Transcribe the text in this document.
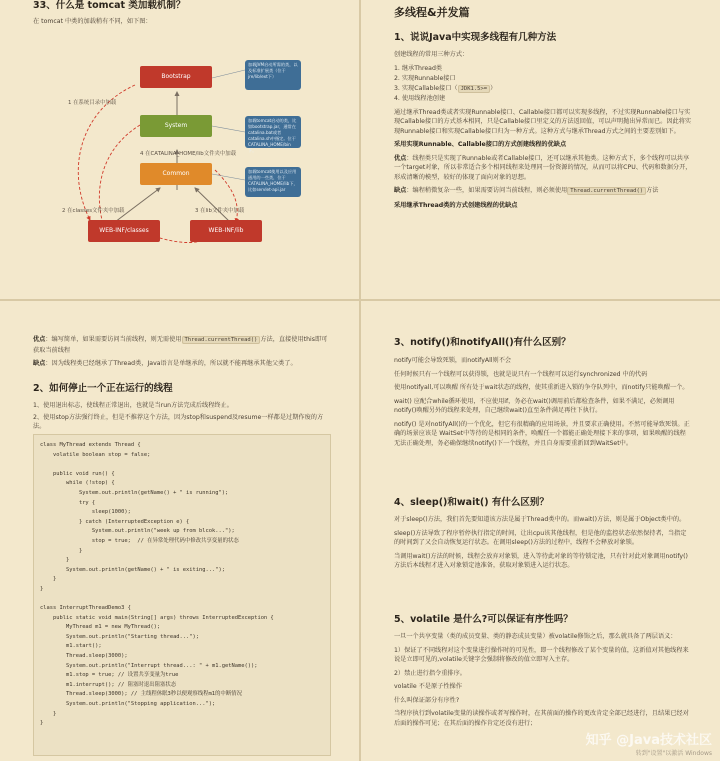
33、什么是 tomcat 类加载机制？
在 tomcat 中类的加载稍有不同，如下图：
Bootstrap
System
Common
WEB-INF/classes	WEB-INF/lib
加载JVM启动所需的类，以及标准扩展类（位于jre/lib/ext下）
加载tomcat启动的类，比如bootstrap.jar，通常在catalina.bat或者catalina.sh中指定。位于CATALINA_HOME/bin下。
加载tomcat使用以及应用通用的一些类，位于CATALINA_HOME/lib下，比如servlet-api.jar
1 在系统目录中加载
4 在CATALINA_HOME/lib文件夹中加载
2 在classes文件夹中加载	3 在lib文件夹中加载
多线程&并发篇
1、说说Java中实现多线程有几种方法

创建线程的常用三种方式：

1. 继承Thread类
2. 实现Runnable接口
3. 实现Callable接口（ JDK1.5>= ）
4. 使用线程池创建

通过继承Thread类或者实现Runnable接口、Callable接口都可以实现多线程，不过实现Runnable接口与实现Callable接口的方式基本相同，只是Callable接口里定义的方法返回值，可以声明抛出异常而已。因此将实现Runnable接口和实现Callable接口归为一种方式。这种方式与继承Thread方式之间的主要差别如下。

采用实现Runnable、Callable接口的方式创建线程的优缺点

优点：线程类只是实现了Runnable或者Callable接口，还可以继承其他类。这种方式下，多个线程可以共享一个target对象，所以非常适合多个相同线程来处理同一份资源的情况，从而可以将CPU、代码和数据分开，形成清晰的模型，较好的体现了面向对象的思想。

缺点：编程稍微复杂一些，如果需要访问当前线程，则必须使用 Thread.currentThread() 方法

采用继承Thread类的方式创建线程的优缺点

优点：编写简单，如果需要访问当前线程，则无需使用 Thread.currentThread() 方法，直接使用this即可获取当前线程

缺点：因为线程类已经继承了Thread类，Java语言是单继承的，所以就不能再继承其他父类了。

2、如何停止一个正在运行的线程

1、使用退出标志，使线程正常退出，也就是当run方法完成后线程终止。

2、使用stop方法强行终止，但是不推荐这个方法，因为stop和suspend及resume一样都是过期作废的方法。

class MyThread extends Thread {
volatile boolean stop = false;

public void run() {
while (!stop) {
System.out.println(getName() + " is running");
try {
sleep(1000);
} catch (InterruptedException e) {
System.out.println("week up from blcok...");
stop = true;  // 在异常处理代码中修改共享变量的状态
}
}
System.out.println(getName() + " is exiting...");
}
}

class InterruptThreadDemo3 {
public static void main(String[] args) throws InterruptedException {
MyThread m1 = new MyThread();
System.out.println("Starting thread...");
m1.start();
Thread.sleep(3000);
System.out.println("Interrupt thread...: " + m1.getName());
m1.stop = true; // 设置共享变量为true
m1.interrupt(); // 阻塞时退出阻塞状态
Thread.sleep(3000); // 主线程休眠3秒以便观察线程m1的中断情况
System.out.println("Stopping application...");
}
}
3、notify()和notifyAll()有什么区别？

notify可能会导致死锁，而notifyAll则不会

任何时候只有一个线程可以获得锁，也就是说只有一个线程可以运行synchronized 中的代码

使用notifyall,可以唤醒 所有处于wait状态的线程，使其重新进入锁的争夺队列中，而notify只能唤醒一个。

wait() 应配合while循环使用，不应使用if，务必在wait()调用前后都检查条件，如果不满足，必须调用notify()唤醒另外的线程来处理，自己继续wait()直至条件满足再往下执行。

notify() 是对notifyAll()的一个优化，但它有很精确的应用场景，并且要求正确使用。不然可能导致死锁。正确的场景应该是 WaitSet中等待的是相同的条件，唤醒任一个都能正确处理接下来的事项，如果唤醒的线程无法正确处理，务必确保继续notify()下一个线程，并且自身需要重新回到WaitSet中。

4、sleep()和wait() 有什么区别？

对于sleep()方法，我们首先要知道该方法是属于Thread类中的。而wait()方法，则是属于Object类中的。

sleep()方法导致了程序暂停执行指定的时间，让出cpu该其他线程，但是他的监控状态依然保持者，当指定的时间到了又会自动恢复运行状态。在调用sleep()方法的过程中，线程不会释放对象锁。

当调用wait()方法的时候，线程会放弃对象锁，进入等待此对象的等待锁定池，只有针对此对象调用notify()方法后本线程才进入对象锁定池准备，获取对象锁进入运行状态。

5、volatile 是什么?可以保证有序性吗？

一旦一个共享变量（类的成员变量、类的静态成员变量）被volatile修饰之后，那么就具备了两层语义：

1）保证了不同线程对这个变量进行操作时的可见性，即一个线程修改了某个变量的值，这新值对其他线程来说是立即可见的,volatile关键字会强制将修改的值立即写入主存。

2）禁止进行指令重排序。

volatile 不是原子性操作

什么叫保证部分有序性?

当程序执行到volatile变量的读操作或者写操作时，在其前面的操作的更改肯定全部已经进行，且结果已经对后面的操作可见；在其后面的操作肯定还没有进行；

知乎 @Java技术社区
转到"设置"以激活 Windows
